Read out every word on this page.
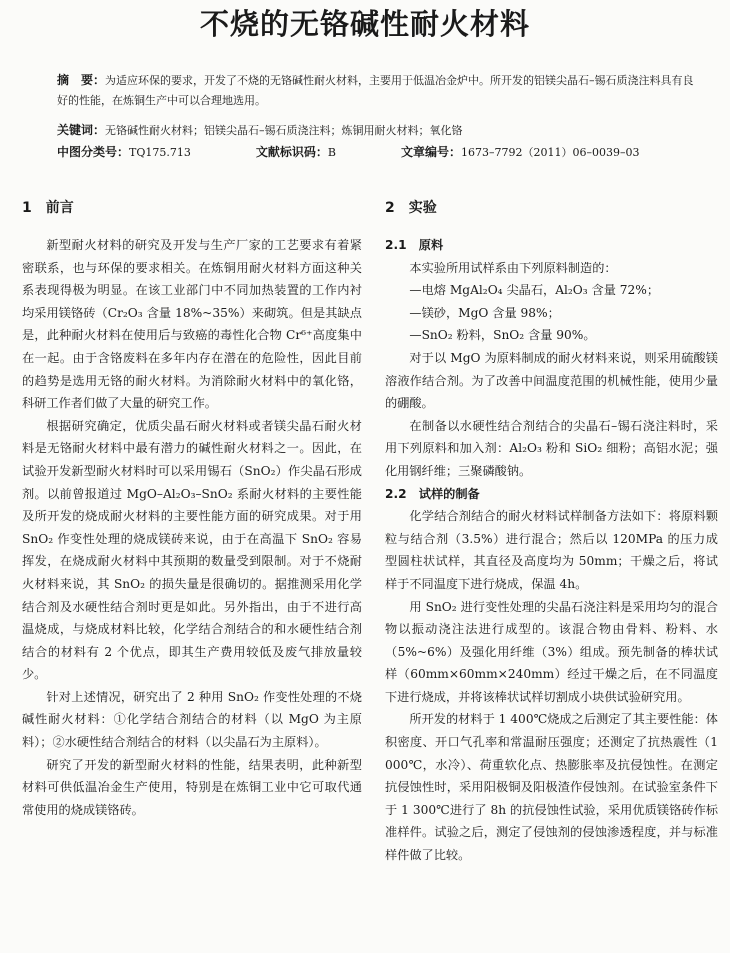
不烧的无铬碱性耐火材料
摘　要：为适应环保的要求，开发了不烧的无铬碱性耐火材料，主要用于低温冶金炉中。所开发的铝镁尖晶石–锡石质浇注料具有良好的性能，在炼铜生产中可以合理地选用。
关键词：无铬碱性耐火材料；铝镁尖晶石–锡石质浇注料；炼铜用耐火材料；氧化铬
中图分类号：TQ175.713	文献标识码：B	文章编号：1673–7792（2011）06–0039–03
1　前言

新型耐火材料的研究及开发与生产厂家的工艺要求有着紧密联系，也与环保的要求相关。在炼铜用耐火材料方面这种关系表现得极为明显。在该工业部门中不同加热装置的工作内衬均采用镁铬砖（Cr₂O₃ 含量 18%~35%）来砌筑。但是其缺点是，此种耐火材料在使用后与致癌的毒性化合物 Cr⁶⁺高度集中在一起。由于含铬废料在多年内存在潜在的危险性，因此目前的趋势是选用无铬的耐火材料。为消除耐火材料中的氧化铬，科研工作者们做了大量的研究工作。

根据研究确定，优质尖晶石耐火材料或者镁尖晶石耐火材料是无铬耐火材料中最有潜力的碱性耐火材料之一。因此，在试验开发新型耐火材料时可以采用锡石（SnO₂）作尖晶石形成剂。以前曾报道过 MgO–Al₂O₃–SnO₂ 系耐火材料的主要性能及所开发的烧成耐火材料的主要性能方面的研究成果。对于用 SnO₂ 作变性处理的烧成镁砖来说，由于在高温下 SnO₂ 容易挥发，在烧成耐火材料中其预期的数量受到限制。对于不烧耐火材料来说，其 SnO₂ 的损失量是很确切的。据推测采用化学结合剂及水硬性结合剂时更是如此。另外指出，由于不进行高温烧成，与烧成材料比较，化学结合剂结合的和水硬性结合剂结合的材料有 2 个优点，即其生产费用较低及废气排放量较少。

针对上述情况，研究出了 2 种用 SnO₂ 作变性处理的不烧碱性耐火材料：①化学结合剂结合的材料（以 MgO 为主原料）；②水硬性结合剂结合的材料（以尖晶石为主原料）。

研究了开发的新型耐火材料的性能，结果表明，此种新型材料可供低温冶金生产使用，特别是在炼铜工业中它可取代通常使用的烧成镁铬砖。

2　实验
2.1　原料

本实验所用试样系由下列原料制造的：

—电熔 MgAl₂O₄ 尖晶石，Al₂O₃ 含量 72%；

—镁砂，MgO 含量 98%；

—SnO₂ 粉料，SnO₂ 含量 90%。

对于以 MgO 为原料制成的耐火材料来说，则采用硫酸镁溶液作结合剂。为了改善中间温度范围的机械性能，使用少量的硼酸。

在制备以水硬性结合剂结合的尖晶石–锡石浇注料时，采用下列原料和加入剂：Al₂O₃ 粉和 SiO₂ 细粉；高铝水泥；强化用钢纤维；三聚磷酸钠。

2.2　试样的制备

化学结合剂结合的耐火材料试样制备方法如下：将原料颗粒与结合剂（3.5%）进行混合；然后以 120MPa 的压力成型圆柱状试样，其直径及高度均为 50mm；干燥之后，将试样于不同温度下进行烧成，保温 4h。

用 SnO₂ 进行变性处理的尖晶石浇注料是采用均匀的混合物以振动浇注法进行成型的。该混合物由骨料、粉料、水（5%~6%）及强化用纤维（3%）组成。预先制备的棒状试样（60mm×60mm×240mm）经过干燥之后，在不同温度下进行烧成，并将该棒状试样切割成小块供试验研究用。

所开发的材料于 1 400℃烧成之后测定了其主要性能：体积密度、开口气孔率和常温耐压强度；还测定了抗热震性（1 000℃，水冷）、荷重软化点、热膨胀率及抗侵蚀性。在测定抗侵蚀性时，采用阳极铜及阳极渣作侵蚀剂。在试验室条件下于 1 300℃进行了 8h 的抗侵蚀性试验，采用优质镁铬砖作标准样件。试验之后，测定了侵蚀剂的侵蚀渗透程度，并与标准样件做了比较。
